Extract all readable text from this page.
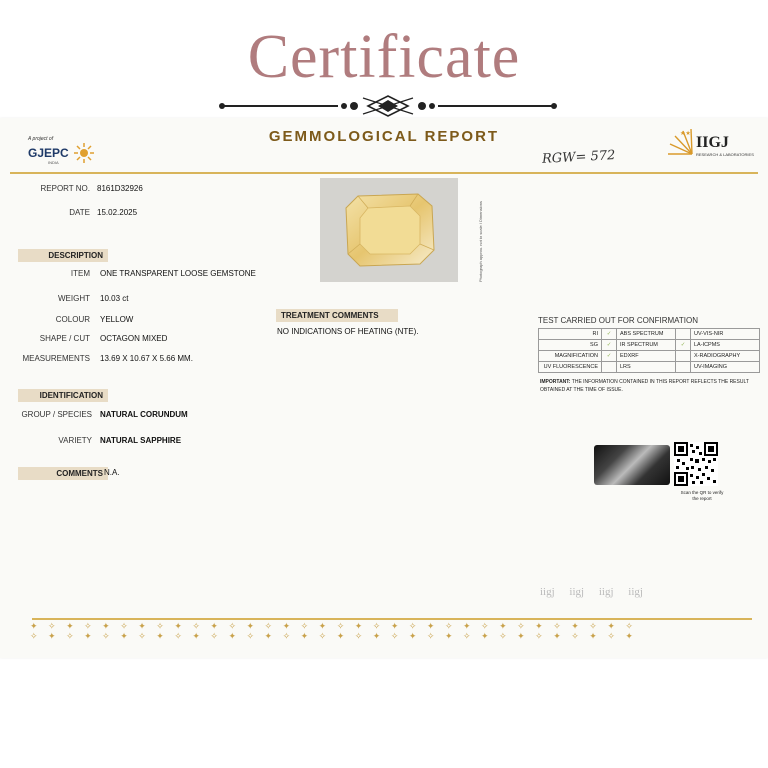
Certificate
A project of
GJEPC
INDIA
GEMMOLOGICAL REPORT	★★
IIGJ
RESEARCH & LABORATORIES
RGW= 572
REPORT NO. 8161D32926
DATE 15.02.2025
DESCRIPTION
ITEM ONE TRANSPARENT LOOSE GEMSTONE
WEIGHT 10.03 ct
COLOUR YELLOW
SHAPE / CUT OCTAGON MIXED
MEASUREMENTS 13.69 X 10.67 X 5.66 MM.
IDENTIFICATION
GROUP / SPECIES NATURAL CORUNDUM
VARIETY NATURAL SAPPHIRE
COMMENTS N.A.
Photograph approx. not to scale / Dimensions
TREATMENT COMMENTS
NO INDICATIONS OF HEATING (NTE).
TEST CARRIED OUT FOR CONFIRMATION
RI	✓	ABS SPECTRUM		UV-VIS-NIR
SG	✓	IR SPECTRUM	✓	LA-ICPMS
MAGNIFICATION	✓	EDXRF		X-RADIOGRAPHY
UV FLUORESCENCE		LRS		UV-IMAGING
IMPORTANT: THE INFORMATION CONTAINED IN THIS REPORT REFLECTS THE RESULT OBTAINED AT THE TIME OF ISSUE.
Scan the QR to verify the report
iigj iigj iigj iigj
✦ ✧ ✦ ✧ ✦ ✧ ✦ ✧ ✦ ✧ ✦ ✧ ✦ ✧ ✦ ✧ ✦ ✧ ✦ ✧ ✦ ✧ ✦ ✧ ✦ ✧ ✦ ✧ ✦ ✧ ✦ ✧ ✦ ✧
✧ ✦ ✧ ✦ ✧ ✦ ✧ ✦ ✧ ✦ ✧ ✦ ✧ ✦ ✧ ✦ ✧ ✦ ✧ ✦ ✧ ✦ ✧ ✦ ✧ ✦ ✧ ✦ ✧ ✦ ✧ ✦ ✧ ✦
